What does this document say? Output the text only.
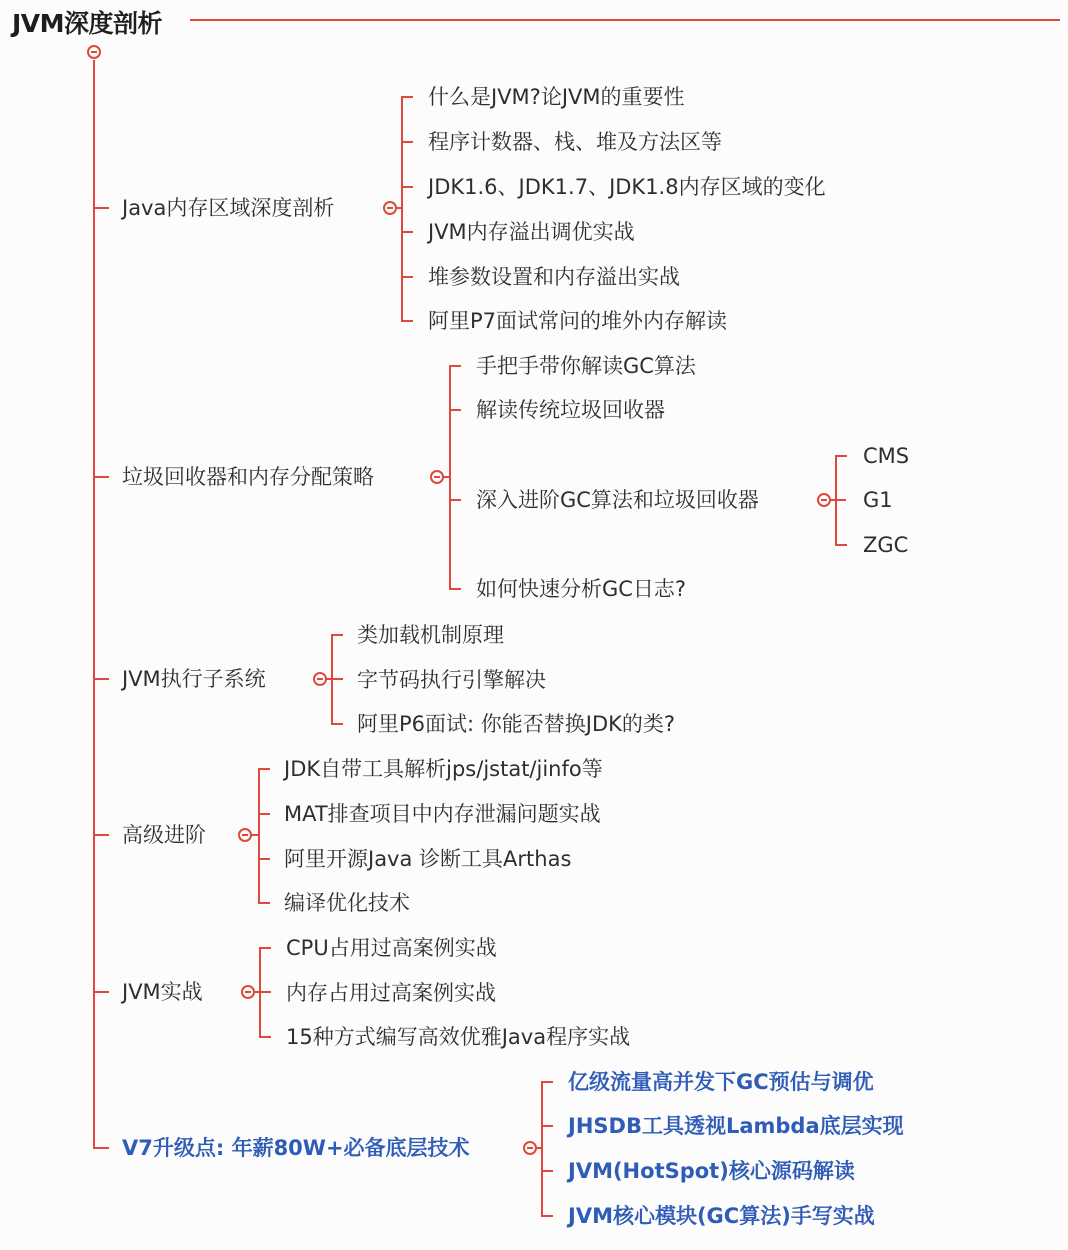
JVM深度剖析
Java内存区域深度剖析
什么是JVM?论JVM的重要性
程序计数器、栈、堆及方法区等
JDK1.6、JDK1.7、JDK1.8内存区域的变化
JVM内存溢出调优实战
堆参数设置和内存溢出实战
阿里P7面试常问的堆外内存解读
垃圾回收器和内存分配策略
手把手带你解读GC算法
解读传统垃圾回收器
深入进阶GC算法和垃圾回收器
如何快速分析GC日志?
CMS
G1
ZGC
JVM执行子系统
类加载机制原理
字节码执行引擎解决
阿里P6面试: 你能否替换JDK的类?
高级进阶
JDK自带工具解析jps/jstat/jinfo等
MAT排查项目中内存泄漏问题实战
阿里开源Java 诊断工具Arthas
编译优化技术
JVM实战
CPU占用过高案例实战
内存占用过高案例实战
15种方式编写高效优雅Java程序实战
V7升级点: 年薪80W+必备底层技术
亿级流量高并发下GC预估与调优
JHSDB工具透视Lambda底层实现
JVM(HotSpot)核心源码解读
JVM核心模块(GC算法)手写实战
